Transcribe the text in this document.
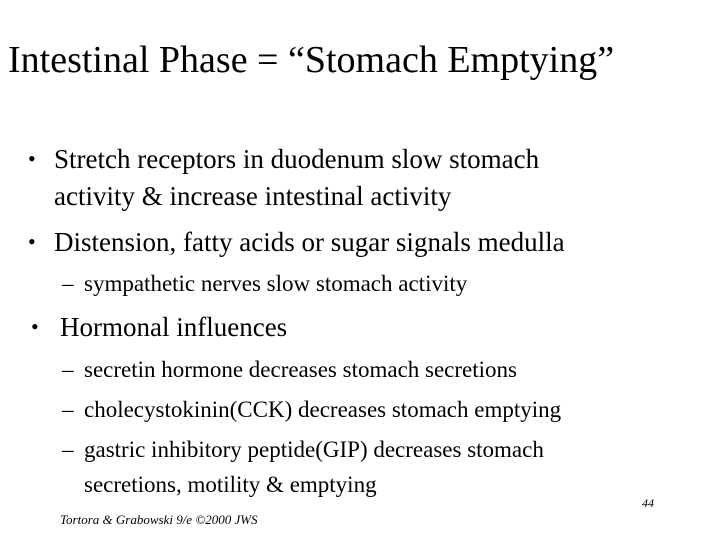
Intestinal Phase = “Stomach Emptying”
• Stretch receptors in duodenum slow stomach
activity & increase intestinal activity
• Distension, fatty acids or sugar signals medulla
– sympathetic nerves slow stomach activity
• Hormonal influences
– secretin hormone decreases stomach secretions
– cholecystokinin(CCK) decreases stomach emptying
– gastric inhibitory peptide(GIP) decreases stomach
secretions, motility & emptying
44
Tortora & Grabowski 9/e ©2000 JWS
